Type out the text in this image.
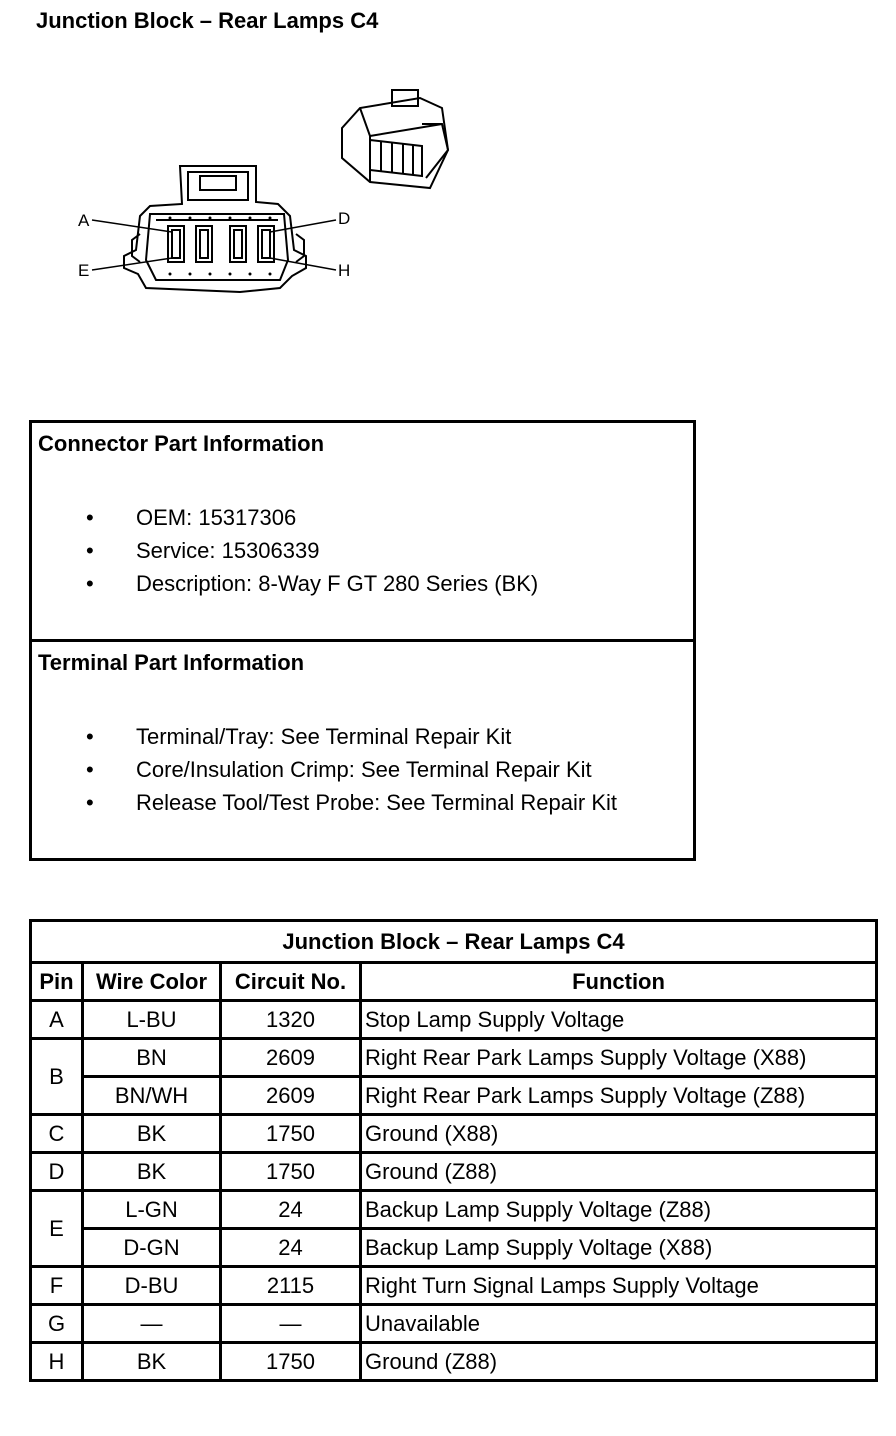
Junction Block – Rear Lamps C4
A
E
D
H
Connector Part Information
• OEM: 15317306
• Service: 15306339
• Description: 8-Way F GT 280 Series (BK)
Terminal Part Information
• Terminal/Tray: See Terminal Repair Kit
• Core/Insulation Crimp: See Terminal Repair Kit
• Release Tool/Test Probe: See Terminal Repair Kit
Junction Block – Rear Lamps C4			
Pin	Wire Color	Circuit No.	Function
A	L-BU	1320	Stop Lamp Supply Voltage
B	BN	2609	Right Rear Park Lamps Supply Voltage (X88)
	BN/WH	2609	Right Rear Park Lamps Supply Voltage (Z88)
C	BK	1750	Ground (X88)
D	BK	1750	Ground (Z88)
E	L-GN	24	Backup Lamp Supply Voltage (Z88)
	D-GN	24	Backup Lamp Supply Voltage (X88)
F	D-BU	2115	Right Turn Signal Lamps Supply Voltage
G	—	—	Unavailable
H	BK	1750	Ground (Z88)
